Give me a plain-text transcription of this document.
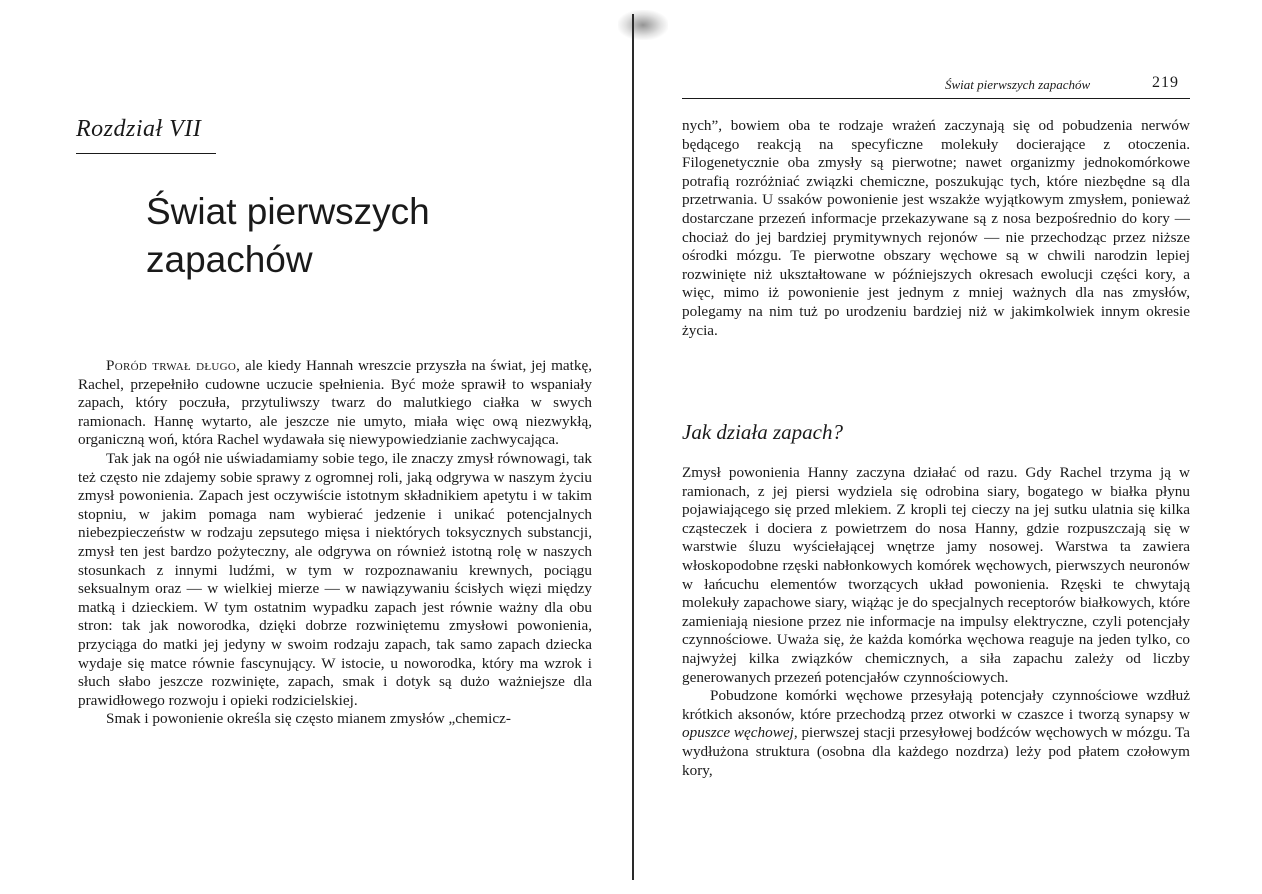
Rozdział VII
Świat pierwszych
zapachów

Poród trwał długo, ale kiedy Hannah wreszcie przyszła na świat, jej matkę, Rachel, przepełniło cudowne uczucie spełnienia. Być może sprawił to wspaniały zapach, który poczuła, przytuliwszy twarz do malutkiego ciałka w swych ramionach. Hannę wytarto, ale jeszcze nie umyto, miała więc ową niezwykłą, organiczną woń, która Rachel wydawała się niewypowiedzianie zachwycająca.

Tak jak na ogół nie uświadamiamy sobie tego, ile znaczy zmysł równowagi, tak też często nie zdajemy sobie sprawy z ogromnej roli, jaką odgrywa w naszym życiu zmysł powonienia. Zapach jest oczywiście istotnym składnikiem apetytu i w takim stopniu, w jakim pomaga nam wybierać jedzenie i unikać potencjalnych niebezpieczeństw w rodzaju zepsutego mięsa i niektórych toksycznych substancji, zmysł ten jest bardzo pożyteczny, ale odgrywa on również istotną rolę w naszych stosunkach z innymi ludźmi, w tym w rozpoznawaniu krewnych, pociągu seksualnym oraz — w wielkiej mierze — w nawiązywaniu ścisłych więzi między matką i dzieckiem. W tym ostatnim wypadku zapach jest równie ważny dla obu stron: tak jak noworodka, dzięki dobrze rozwiniętemu zmysłowi powonienia, przyciąga do matki jej jedyny w swoim rodzaju zapach, tak samo zapach dziecka wydaje się matce równie fascynujący. W istocie, u noworodka, który ma wzrok i słuch słabo jeszcze rozwinięte, zapach, smak i dotyk są dużo ważniejsze dla prawidłowego rozwoju i opieki rodzicielskiej.

Smak i powonienie określa się często mianem zmysłów „chemicz-

Świat pierwszych zapachów	219

nych”, bowiem oba te rodzaje wrażeń zaczynają się od pobudzenia nerwów będącego reakcją na specyficzne molekuły docierające z otoczenia. Filogenetycznie oba zmysły są pierwotne; nawet organizmy jednokomórkowe potrafią rozróżniać związki chemiczne, poszukując tych, które niezbędne są dla przetrwania. U ssaków powonienie jest wszakże wyjątkowym zmysłem, ponieważ dostarczane przezeń informacje przekazywane są z nosa bezpośrednio do kory — chociaż do jej bardziej prymitywnych rejonów — nie przechodząc przez niższe ośrodki mózgu. Te pierwotne obszary węchowe są w chwili narodzin lepiej rozwinięte niż ukształtowane w późniejszych okresach ewolucji części kory, a więc, mimo iż powonienie jest jednym z mniej ważnych dla nas zmysłów, polegamy na nim tuż po urodzeniu bardziej niż w jakimkolwiek innym okresie życia.

Jak działa zapach?

Zmysł powonienia Hanny zaczyna działać od razu. Gdy Rachel trzyma ją w ramionach, z jej piersi wydziela się odrobina siary, bogatego w białka płynu pojawiającego się przed mlekiem. Z kropli tej cieczy na jej sutku ulatnia się kilka cząsteczek i dociera z powietrzem do nosa Hanny, gdzie rozpuszczają się w warstwie śluzu wyściełającej wnętrze jamy nosowej. Warstwa ta zawiera włoskopodobne rzęski nabłonkowych komórek węchowych, pierwszych neuronów w łańcuchu elementów tworzących układ powonienia. Rzęski te chwytają molekuły zapachowe siary, wiążąc je do specjalnych receptorów białkowych, które zamieniają niesione przez nie informacje na impulsy elektryczne, czyli potencjały czynnościowe. Uważa się, że każda komórka węchowa reaguje na jeden tylko, co najwyżej kilka związków chemicznych, a siła zapachu zależy od liczby generowanych przezeń potencjałów czynnościowych.

Pobudzone komórki węchowe przesyłają potencjały czynnościowe wzdłuż krótkich aksonów, które przechodzą przez otworki w czaszce i tworzą synapsy w opuszce węchowej, pierwszej stacji przesyłowej bodźców węchowych w mózgu. Ta wydłużona struktura (osobna dla każdego nozdrza) leży pod płatem czołowym kory,
